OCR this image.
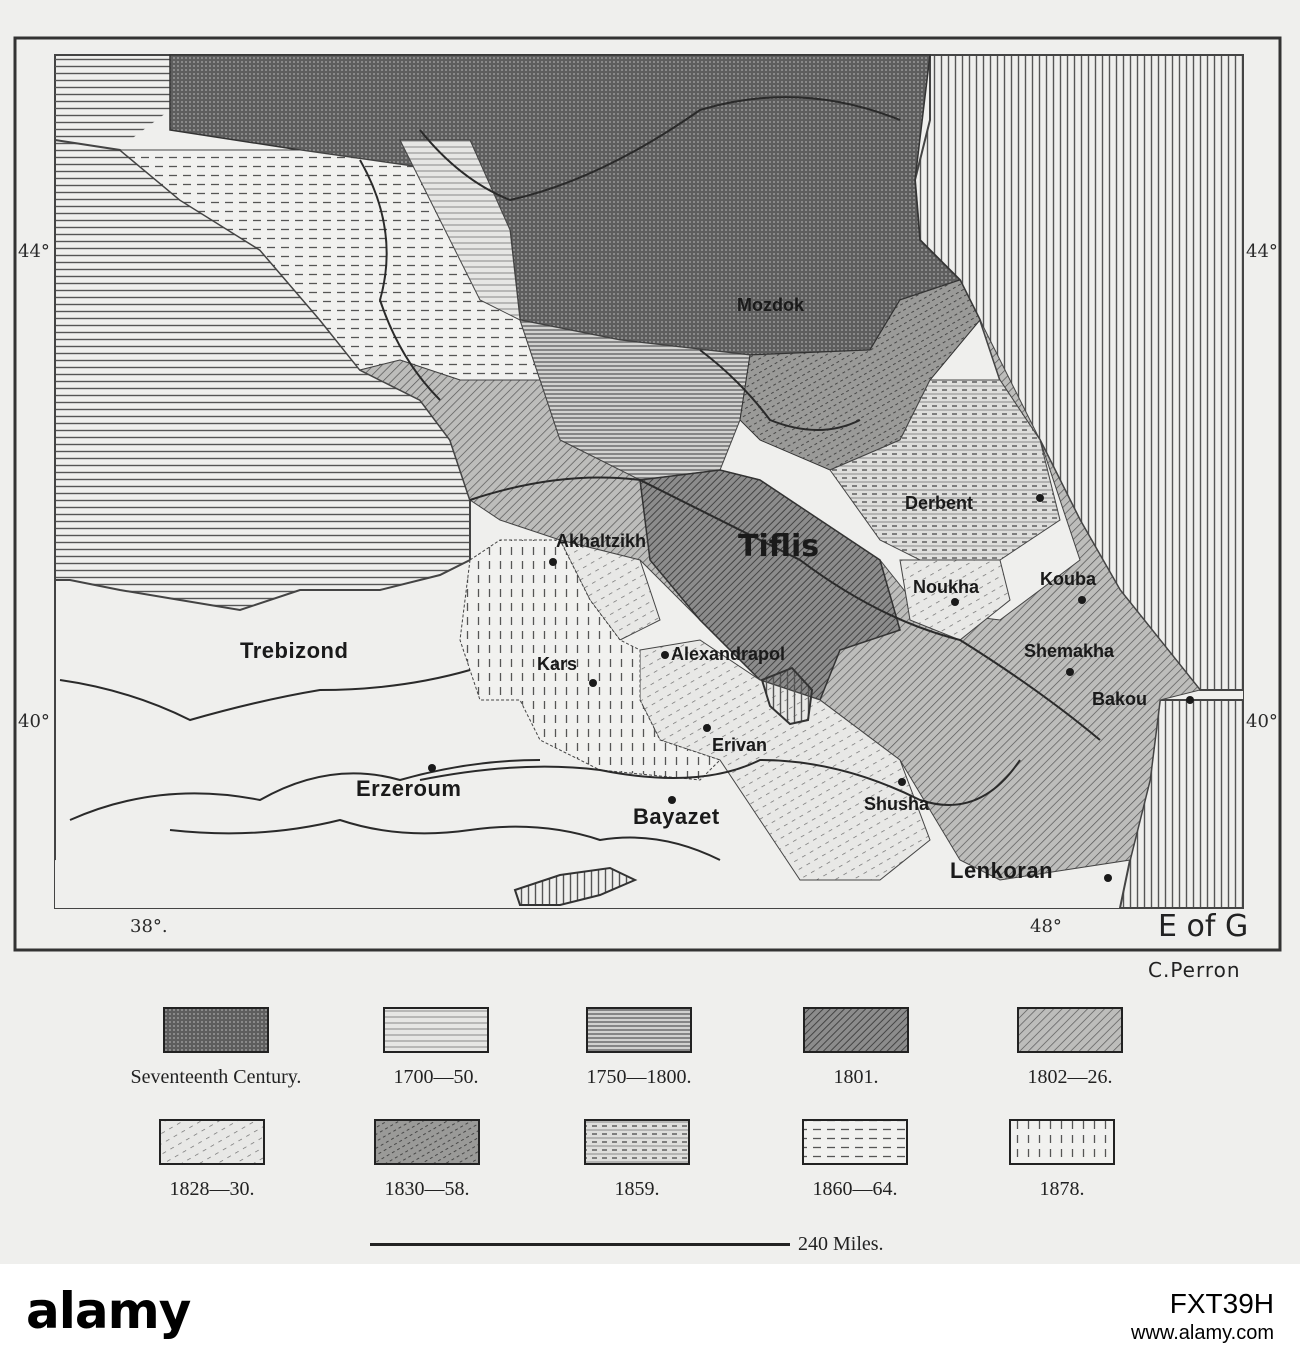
Mozdok
Derbent
Akhaltzikh	Tiflis
Noukha	Kouba
Trebizond
Kars	Alexandrapol	Shemakha
Bakou
Erivan
Erzeroum
Bayazet	Shusha
Lenkoran
44°	44°
40°	40°
38°.	48°	E of G
C.Perron
Seventeenth Century.	1700—50.	1750—1800.	1801.	1802—26.
1828—30.	1830—58.	1859.	1860—64.	1878.
240 Miles.
alamy	FXT39H
www.alamy.com
